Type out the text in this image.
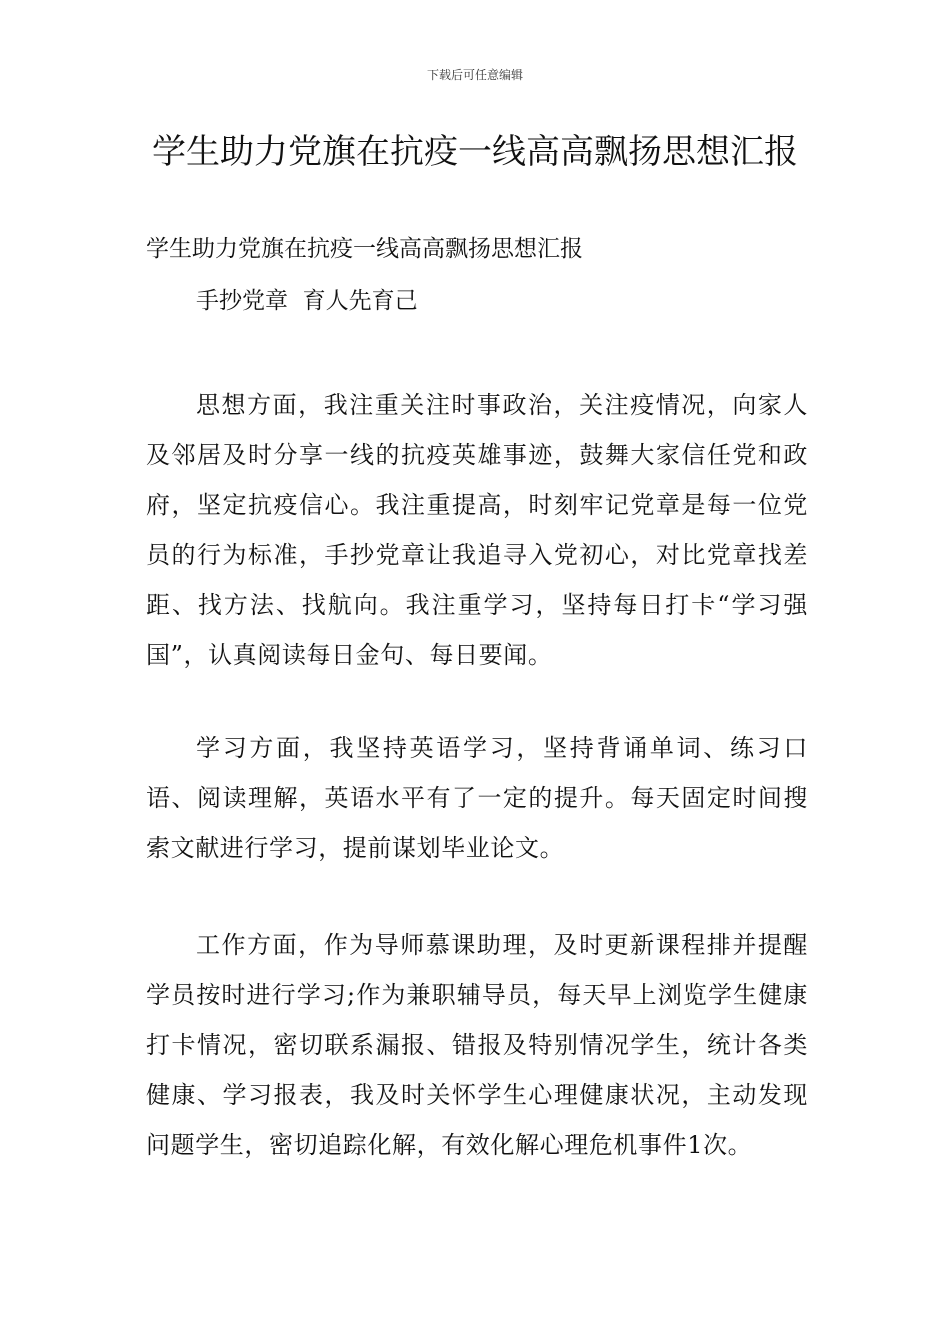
下载后可任意编辑
学生助力党旗在抗疫一线高高飘扬思想汇报

学生助力党旗在抗疫一线高高飘扬思想汇报

手抄党章  育人先育己

思想方面，我注重关注时事政治，关注疫情况，向家人及邻居及时分享一线的抗疫英雄事迹，鼓舞大家信任党和政府，坚定抗疫信心。我注重提高，时刻牢记党章是每一位党员的行为标准，手抄党章让我追寻入党初心，对比党章找差距、找方法、找航向。我注重学习，坚持每日打卡“学习强国”，认真阅读每日金句、每日要闻。

学习方面，我坚持英语学习，坚持背诵单词、练习口语、阅读理解，英语水平有了一定的提升。每天固定时间搜索文献进行学习，提前谋划毕业论文。

工作方面，作为导师慕课助理，及时更新课程排并提醒学员按时进行学习;作为兼职辅导员，每天早上浏览学生健康打卡情况，密切联系漏报、错报及特别情况学生，统计各类健康、学习报表，我及时关怀学生心理健康状况，主动发现问题学生，密切追踪化解，有效化解心理危机事件1次。
